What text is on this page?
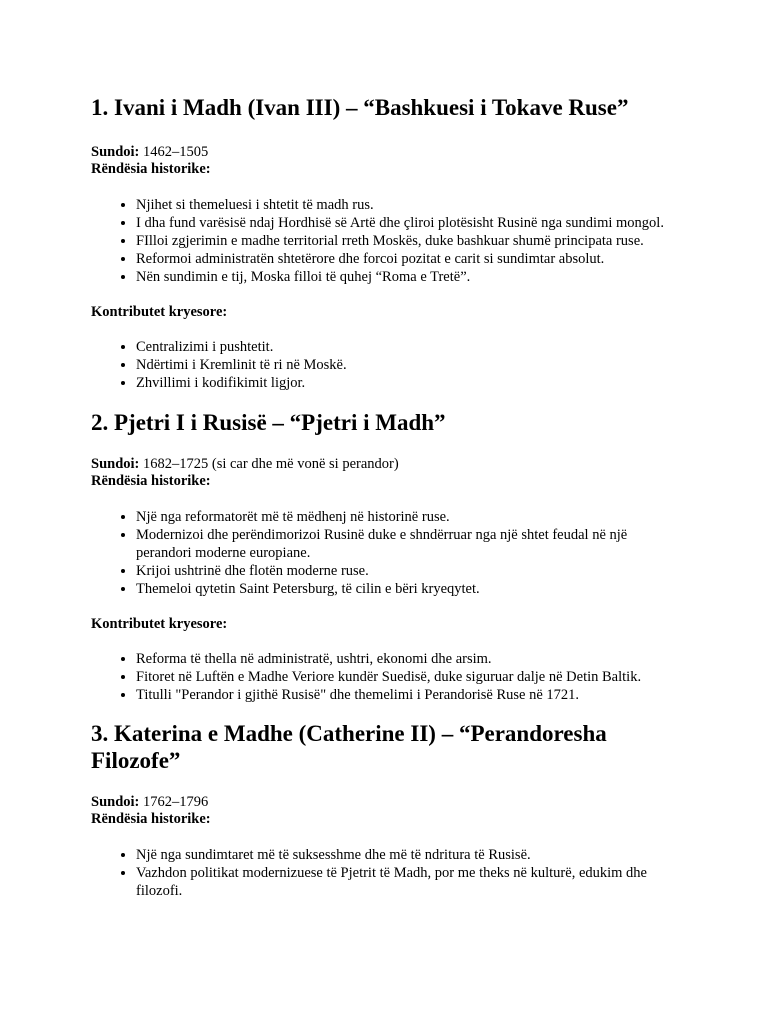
1. Ivani i Madh (Ivan III) – “Bashkuesi i Tokave Ruse”

Sundoi: 1462–1505

Rëndësia historike:

• Njihet si themeluesi i shtetit të madh rus.
• I dha fund varësisë ndaj Hordhisë së Artë dhe çliroi plotësisht Rusinë nga sundimi mongol.
• FIlloi zgjerimin e madhe territorial rreth Moskës, duke bashkuar shumë principata ruse.
• Reformoi administratën shtetërore dhe forcoi pozitat e carit si sundimtar absolut.
• Nën sundimin e tij, Moska filloi të quhej “Roma e Tretë”.

Kontributet kryesore:

• Centralizimi i pushtetit.
• Ndërtimi i Kremlinit të ri në Moskë.
• Zhvillimi i kodifikimit ligjor.
2. Pjetri I i Rusisë – “Pjetri i Madh”

Sundoi: 1682–1725 (si car dhe më vonë si perandor)

Rëndësia historike:

• Një nga reformatorët më të mëdhenj në historinë ruse.
• Modernizoi dhe perëndimorizoi Rusinë duke e shndërruar nga një shtet feudal në një perandori moderne europiane.
• Krijoi ushtrinë dhe flotën moderne ruse.
• Themeloi qytetin Saint Petersburg, të cilin e bëri kryeqytet.

Kontributet kryesore:

• Reforma të thella në administratë, ushtri, ekonomi dhe arsim.
• Fitoret në Luftën e Madhe Veriore kundër Suedisë, duke siguruar dalje në Detin Baltik.
• Titulli "Perandor i gjithë Rusisë" dhe themelimi i Perandorisë Ruse në 1721.
3. Katerina e Madhe (Catherine II) – “Perandoresha Filozofe”

Sundoi: 1762–1796

Rëndësia historike:

• Një nga sundimtaret më të suksesshme dhe më të ndritura të Rusisë.
• Vazhdon politikat modernizuese të Pjetrit të Madh, por me theks në kulturë, edukim dhe filozofi.
